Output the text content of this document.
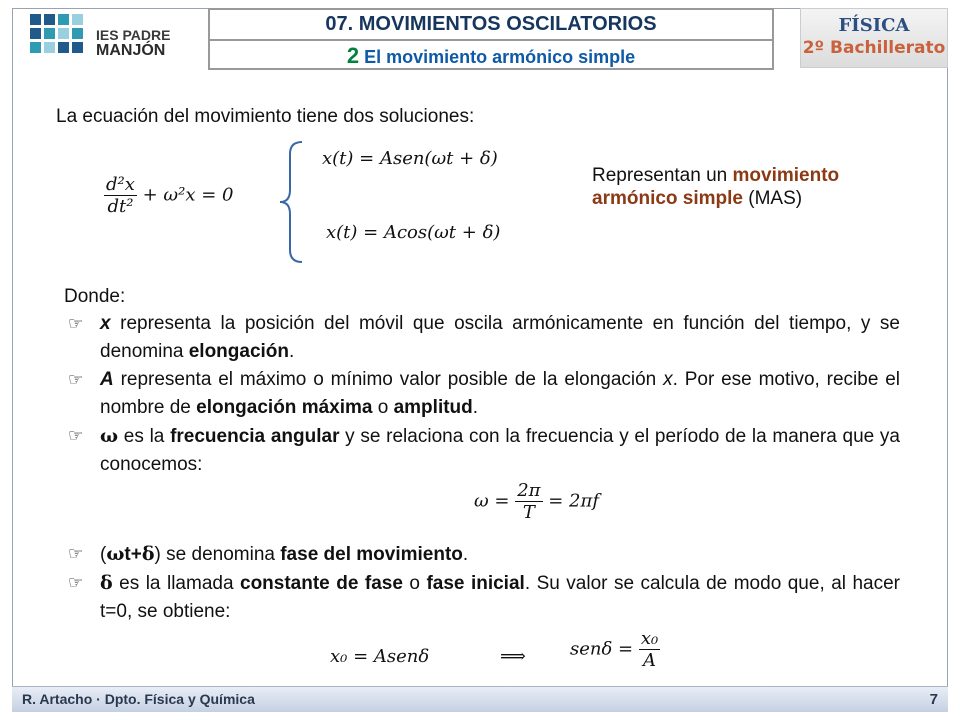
IES PADRE
MANJÓN
07. MOVIMIENTOS OSCILATORIOS
2 El movimiento armónico simple
FÍSICA
2º Bachillerato
La ecuación del movimiento tiene dos soluciones:
$\frac{\text{d²x}}{\text{dt²}} + \omega^2x = 0$
x(t) = Asen(ωt + δ)
x(t) = Acos(ωt + δ)
Representan un movimiento armónico simple (MAS)
Donde:
☞ x representa la posición del móvil que oscila armónicamente en función del tiempo, y se denomina elongación.
☞ A representa el máximo o mínimo valor posible de la elongación x. Por ese motivo, recibe el nombre de elongación máxima o amplitud.
☞ ω es la frecuencia angular y se relaciona con la frecuencia y el período de la manera que ya conocemos:
$\omega = \frac{2\pi}{T} = 2\pi f$
☞ (ωt+δ) se denomina fase del movimiento.
☞ δ es la llamada constante de fase o fase inicial. Su valor se calcula de modo que, al hacer t=0, se obtiene:
x₀ = Asenδ	⟹ $sen\delta = \frac{\text{x₀}}{A}$
R. Artacho · Dpto. Física y Química	7
